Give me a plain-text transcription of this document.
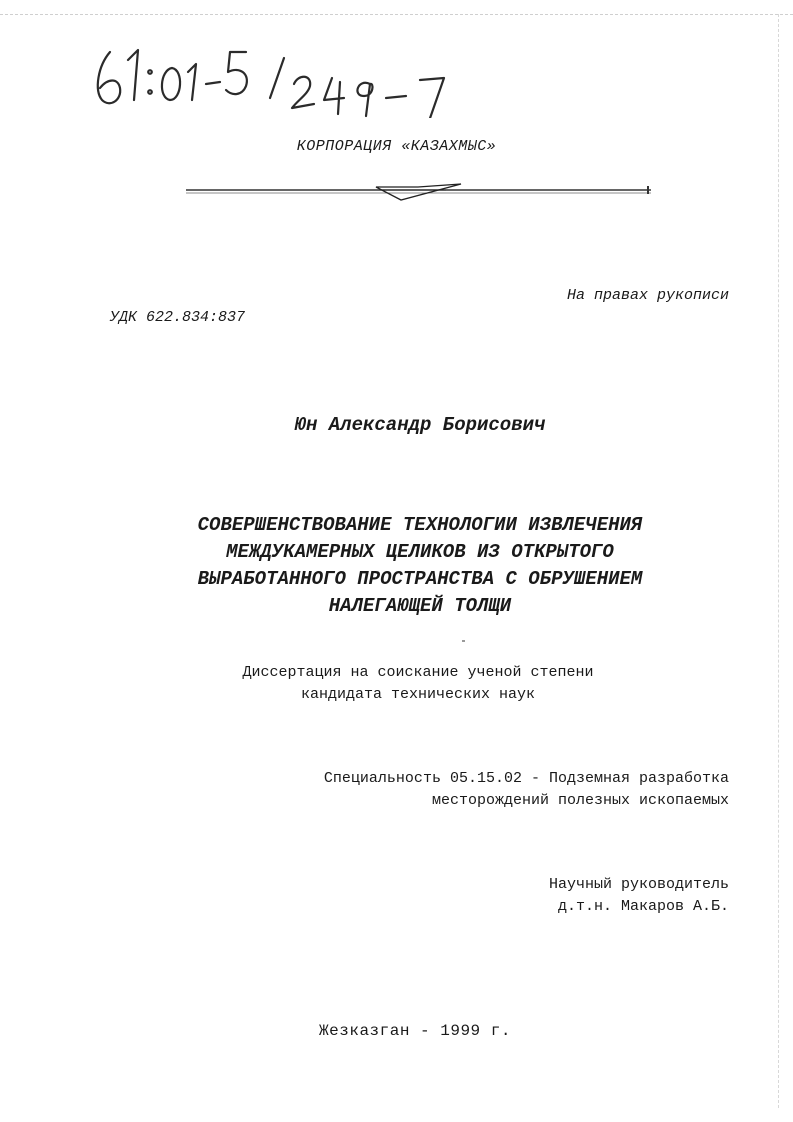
КОРПОРАЦИЯ «КАЗАХМЫС»
На правах рукописи
УДК 622.834:837
Юн Александр Борисович
СОВЕРШЕНСТВОВАНИЕ ТЕХНОЛОГИИ ИЗВЛЕЧЕНИЯ
МЕЖДУКАМЕРНЫХ ЦЕЛИКОВ ИЗ ОТКРЫТОГО
ВЫРАБОТАННОГО ПРОСТРАНСТВА С ОБРУШЕНИЕМ
НАЛЕГАЮЩЕЙ ТОЛЩИ
Диссертация на соискание ученой степени
кандидата технических наук
Специальность 05.15.02 - Подземная разработка
месторождений полезных ископаемых
Научный руководитель
д.т.н. Макаров А.Б.
Жезказган - 1999 г.
